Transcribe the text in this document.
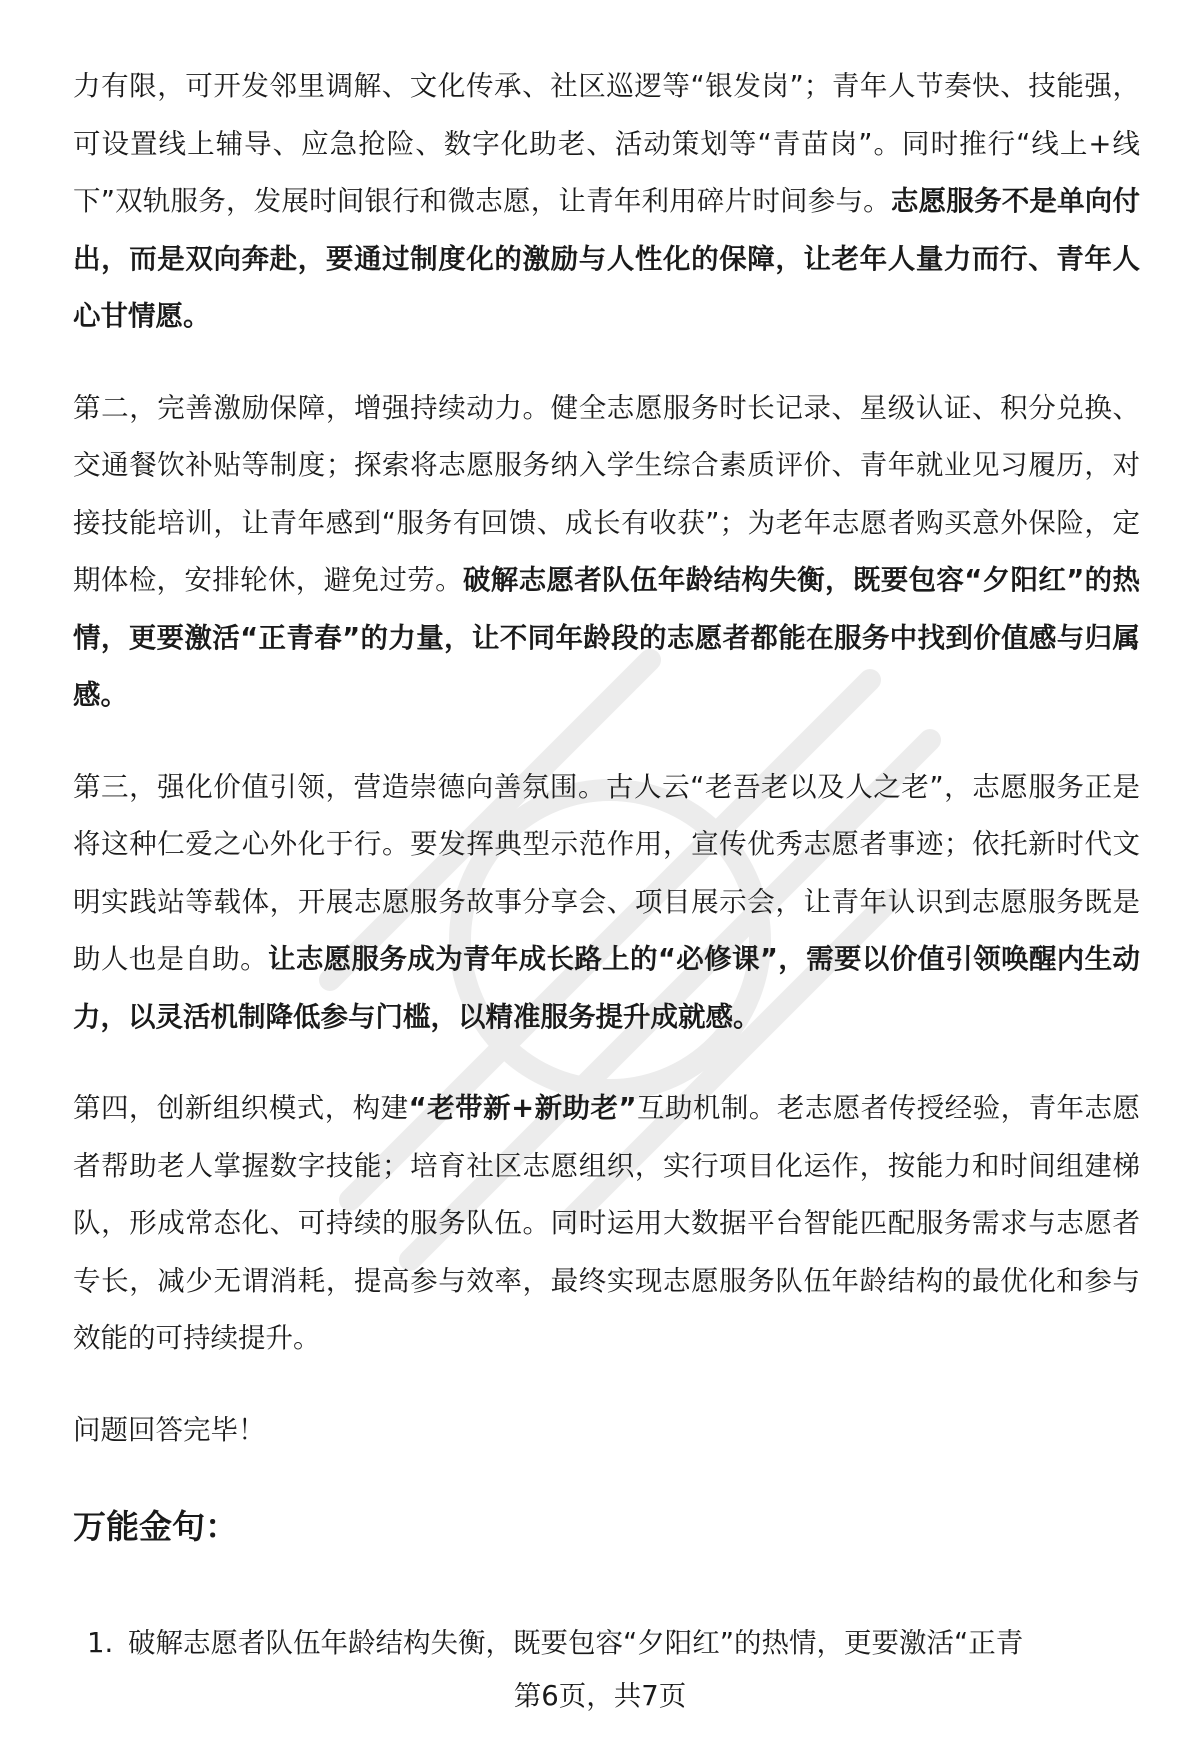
力有限，可开发邻里调解、文化传承、社区巡逻等“银发岗”；青年人节奏快、技能强，可设置线上辅导、应急抢险、数字化助老、活动策划等“青苗岗”。同时推行“线上+线下”双轨服务，发展时间银行和微志愿，让青年利用碎片时间参与。志愿服务不是单向付出，而是双向奔赴，要通过制度化的激励与人性化的保障，让老年人量力而行、青年人心甘情愿。

第二，完善激励保障，增强持续动力。健全志愿服务时长记录、星级认证、积分兑换、交通餐饮补贴等制度；探索将志愿服务纳入学生综合素质评价、青年就业见习履历，对接技能培训，让青年感到“服务有回馈、成长有收获”；为老年志愿者购买意外保险，定期体检，安排轮休，避免过劳。破解志愿者队伍年龄结构失衡，既要包容“夕阳红”的热情，更要激活“正青春”的力量，让不同年龄段的志愿者都能在服务中找到价值感与归属感。

第三，强化价值引领，营造崇德向善氛围。古人云“老吾老以及人之老”，志愿服务正是将这种仁爱之心外化于行。要发挥典型示范作用，宣传优秀志愿者事迹；依托新时代文明实践站等载体，开展志愿服务故事分享会、项目展示会，让青年认识到志愿服务既是助人也是自助。让志愿服务成为青年成长路上的“必修课”，需要以价值引领唤醒内生动力，以灵活机制降低参与门槛，以精准服务提升成就感。

第四，创新组织模式，构建“老带新+新助老”互助机制。老志愿者传授经验，青年志愿者帮助老人掌握数字技能；培育社区志愿组织，实行项目化运作，按能力和时间组建梯队，形成常态化、可持续的服务队伍。同时运用大数据平台智能匹配服务需求与志愿者专长，减少无谓消耗，提高参与效率，最终实现志愿服务队伍年龄结构的最优化和参与效能的可持续提升。

问题回答完毕！

万能金句：
1. 破解志愿者队伍年龄结构失衡，既要包容“夕阳红”的热情，更要激活“正青
第6页，共7页
